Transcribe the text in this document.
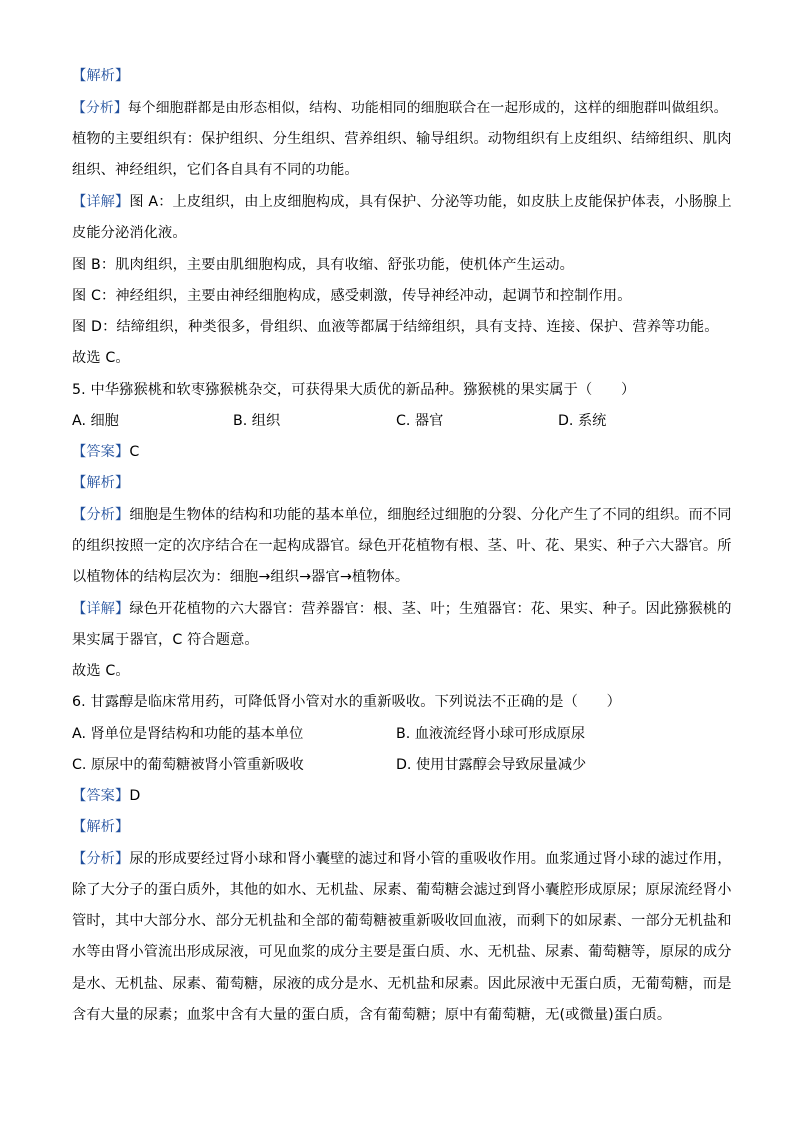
【解析】
【分析】每个细胞群都是由形态相似，结构、功能相同的细胞联合在一起形成的，这样的细胞群叫做组织。
植物的主要组织有：保护组织、分生组织、营养组织、输导组织。动物组织有上皮组织、结缔组织、肌肉
组织、神经组织，它们各自具有不同的功能。
【详解】图 A：上皮组织，由上皮细胞构成，具有保护、分泌等功能，如皮肤上皮能保护体表，小肠腺上
皮能分泌消化液。
图 B：肌肉组织，主要由肌细胞构成，具有收缩、舒张功能，使机体产生运动。
图 C：神经组织，主要由神经细胞构成，感受刺激，传导神经冲动，起调节和控制作用。
图 D：结缔组织，种类很多，骨组织、血液等都属于结缔组织，具有支持、连接、保护、营养等功能。
故选 C。
5. 中华猕猴桃和软枣猕猴桃杂交，可获得果大质优的新品种。猕猴桃的果实属于（　　）
A. 细胞	B. 组织	C. 器官	D. 系统
【答案】C
【解析】
【分析】细胞是生物体的结构和功能的基本单位，细胞经过细胞的分裂、分化产生了不同的组织。而不同
的组织按照一定的次序结合在一起构成器官。绿色开花植物有根、茎、叶、花、果实、种子六大器官。所
以植物体的结构层次为：细胞→组织→器官→植物体。
【详解】绿色开花植物的六大器官：营养器官：根、茎、叶；生殖器官：花、果实、种子。因此猕猴桃的
果实属于器官，C 符合题意。
故选 C。
6. 甘露醇是临床常用药，可降低肾小管对水的重新吸收。下列说法不正确的是（　　）
A. 肾单位是肾结构和功能的基本单位	B. 血液流经肾小球可形成原尿
C. 原尿中的葡萄糖被肾小管重新吸收	D. 使用甘露醇会导致尿量减少
【答案】D
【解析】
【分析】尿的形成要经过肾小球和肾小囊壁的滤过和肾小管的重吸收作用。血浆通过肾小球的滤过作用，
除了大分子的蛋白质外，其他的如水、无机盐、尿素、葡萄糖会滤过到肾小囊腔形成原尿；原尿流经肾小
管时，其中大部分水、部分无机盐和全部的葡萄糖被重新吸收回血液，而剩下的如尿素、一部分无机盐和
水等由肾小管流出形成尿液，可见血浆的成分主要是蛋白质、水、无机盐、尿素、葡萄糖等，原尿的成分
是水、无机盐、尿素、葡萄糖，尿液的成分是水、无机盐和尿素。因此尿液中无蛋白质，无葡萄糖，而是
含有大量的尿素；血浆中含有大量的蛋白质，含有葡萄糖；原中有葡萄糖，无(或微量)蛋白质。
